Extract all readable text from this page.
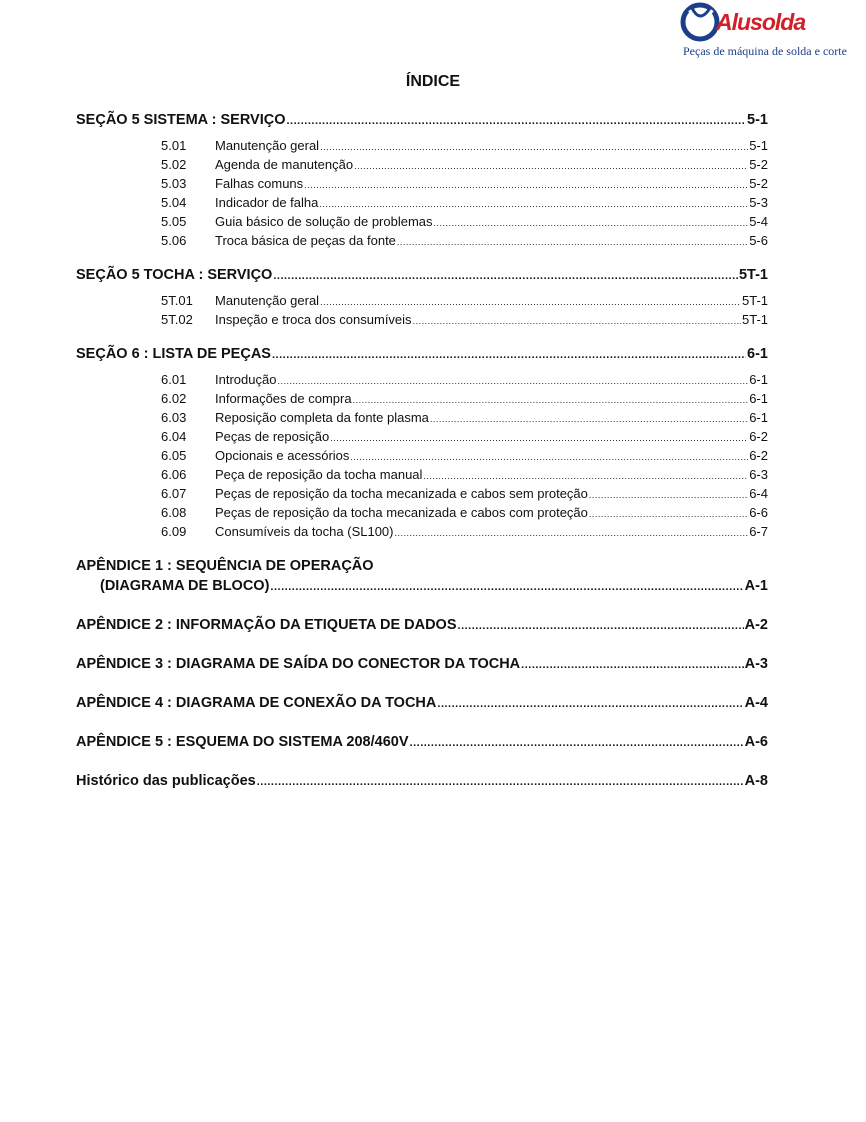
Alusolda
Peças de máquina de solda e corte
ÍNDICE
SEÇÃO 5 SISTEMA : SERVIÇO .....	5-1
5.01	Manutenção geral .....	5-1
5.02	Agenda de manutenção .....	5-2
5.03	Falhas comuns .....	5-2
5.04	Indicador de falha .....	5-3
5.05	Guia básico de solução de problemas .....	5-4
5.06	Troca básica de peças da fonte .....	5-6
SEÇÃO 5 TOCHA : SERVIÇO .....	5T-1
5T.01	Manutenção geral .....	5T-1
5T.02	Inspeção e troca dos consumíveis .....	5T-1
SEÇÃO 6 : LISTA DE PEÇAS .....	6-1
6.01	Introdução .....	6-1
6.02	Informações de compra .....	6-1
6.03	Reposição completa da fonte plasma .....	6-1
6.04	Peças de reposição .....	6-2
6.05	Opcionais e acessórios .....	6-2
6.06	Peça de reposição da tocha manual .....	6-3
6.07	Peças de reposição da tocha mecanizada e cabos sem proteção .....	6-4
6.08	Peças de reposição da tocha mecanizada e cabos com proteção .....	6-6
6.09	Consumíveis da tocha (SL100) .....	6-7
APÊNDICE 1 : SEQUÊNCIA DE OPERAÇÃO
(DIAGRAMA DE BLOCO) .....	A-1
APÊNDICE 2 : INFORMAÇÃO DA ETIQUETA DE DADOS .....	A-2
APÊNDICE 3 : DIAGRAMA DE SAÍDA DO CONECTOR DA TOCHA .....	A-3
APÊNDICE 4 : DIAGRAMA DE CONEXÃO DA TOCHA .....	A-4
APÊNDICE 5 : ESQUEMA DO SISTEMA 208/460V .....	A-6
Histórico das publicações .....	A-8
